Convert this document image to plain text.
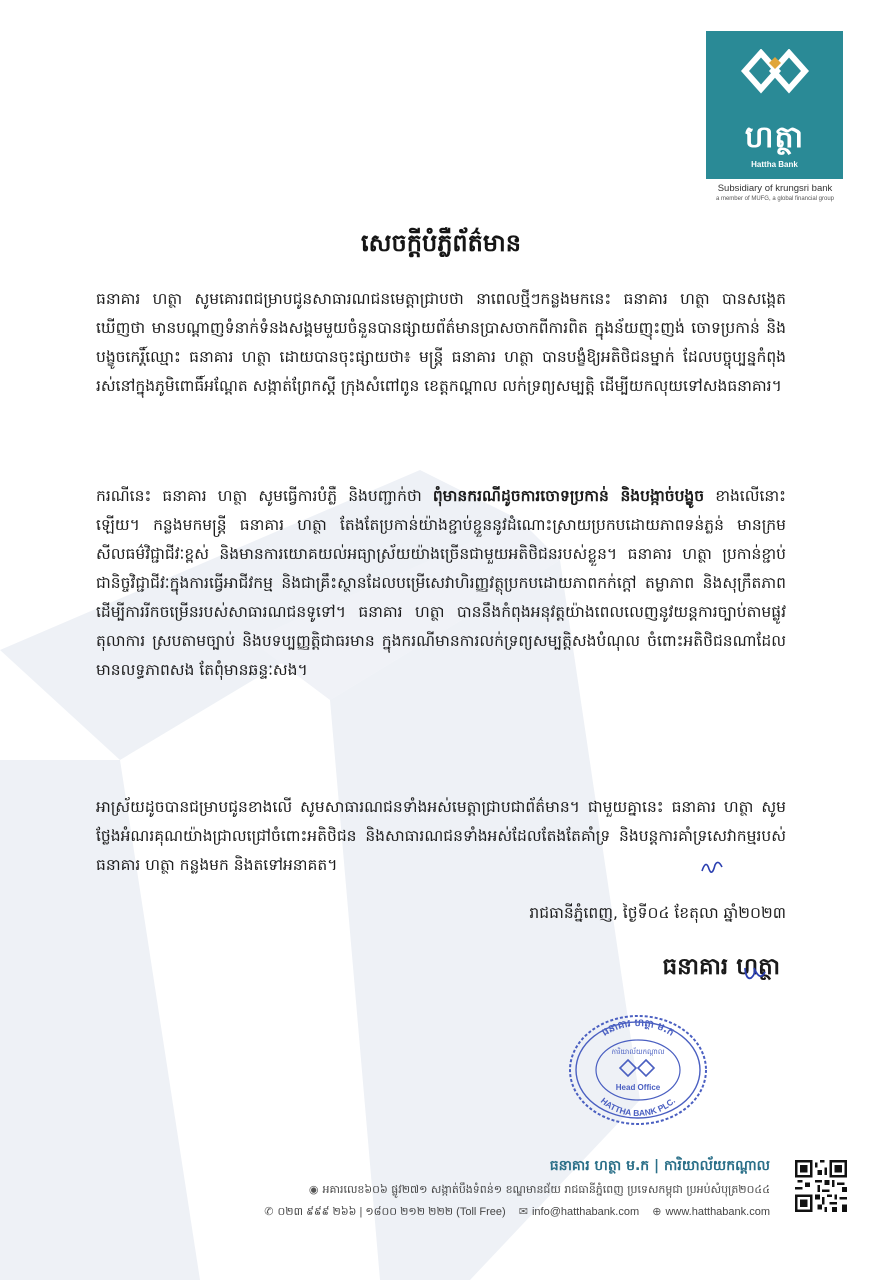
ហត្ថា
Hattha Bank
Subsidiary of krungsri bank
a member of MUFG, a global financial group
សេចក្តីបំភ្លឺព័ត៌មាន
ធនាគារ ហត្ថា សូមគោរពជម្រាបជូនសាធារណជនមេត្តាជ្រាបថា នាពេលថ្មីៗកន្លងមកនេះ ធនាគារ ហត្ថា បានសង្កេតឃើញថា មានបណ្តាញទំនាក់ទំនងសង្គមមួយចំនួនបានផ្សាយព័ត៌មានប្រាសចាកពីការពិត ក្នុងន័យញុះញង់ ចោទប្រកាន់ និងបង្ខូចកេរ្តិ៍ឈ្មោះ ធនាគារ ហត្ថា ដោយបានចុះផ្សាយថា៖ មន្ត្រី ធនាគារ ហត្ថា បានបង្ខំឱ្យអតិថិជនម្នាក់ ដែលបច្ចុប្បន្នកំពុងរស់នៅក្នុងភូមិពោធិ៍អណ្តែត សង្កាត់ព្រែកស្តី ក្រុងសំពៅពូន ខេត្តកណ្តាល លក់ទ្រព្យសម្បត្តិ ដើម្បីយកលុយទៅសងធនាគារ។
ករណីនេះ ធនាគារ ហត្ថា សូមធ្វើការបំភ្លឺ និងបញ្ជាក់ថា ពុំមានករណីដូចការចោទប្រកាន់ និងបង្កាច់បង្ខូច ខាងលើនោះឡើយ។ កន្លងមកមន្ត្រី ធនាគារ ហត្ថា តែងតែប្រកាន់យ៉ាងខ្ជាប់ខ្ជួននូវដំណោះស្រាយប្រកបដោយភាពទន់ភ្លន់ មានក្រមសីលធម៌វិជ្ជាជីវៈខ្ពស់ និងមានការយោគយល់អធ្យាស្រ័យយ៉ាងច្រើនជាមួយអតិថិជនរបស់ខ្លួន។ ធនាគារ ហត្ថា ប្រកាន់ខ្ជាប់ជានិច្ចវិជ្ជាជីវៈក្នុងការធ្វើអាជីវកម្ម និងជាគ្រឹះស្ថានដែលបម្រើសេវាហិរញ្ញវត្ថុប្រកបដោយភាពកក់ក្តៅ តម្លាភាព និងសុក្រឹតភាព ដើម្បីការរីកចម្រើនរបស់សាធារណជនទូទៅ។ ធនាគារ ហត្ថា បាននឹងកំពុងអនុវត្តយ៉ាងពេលលេញនូវយន្តការច្បាប់តាមផ្លូវតុលាការ ស្របតាមច្បាប់ និងបទប្បញ្ញត្តិជាធរមាន ក្នុងករណីមានការលក់ទ្រព្យសម្បត្តិសងបំណុល ចំពោះអតិថិជនណាដែលមានលទ្ធភាពសង តែពុំមានឆន្ទៈសង។
អាស្រ័យដូចបានជម្រាបជូនខាងលើ សូមសាធារណជនទាំងអស់មេត្តាជ្រាបជាព័ត៌មាន។ ជាមួយគ្នានេះ ធនាគារ ហត្ថា សូមថ្លែងអំណរគុណយ៉ាងជ្រាលជ្រៅចំពោះអតិថិជន និងសាធារណជនទាំងអស់ដែលតែងតែគាំទ្រ និងបន្តការគាំទ្រសេវាកម្មរបស់ ធនាគារ ហត្ថា កន្លងមក និងតទៅអនាគត។
រាជធានីភ្នំពេញ, ថ្ងៃទី០៤ ខែតុលា ឆ្នាំ២០២៣
ធនាគារ ហត្ថា
ធនាគារ ហត្ថា ម.ក
ការិយាល័យកណ្តាល
Head Office
HATTHA BANK PLC.
ធនាគារ ហត្ថា ម.ក | ការិយាល័យកណ្តាល
◉ អគារលេខ៦០៦ ផ្លូវ២៧១ សង្កាត់បឹងទំពន់១ ខណ្ឌមានជ័យ រាជធានីភ្នំពេញ ប្រទេសកម្ពុជា ប្រអប់សំបុត្រ២០៤៤
✆ ០២៣ ៩៩៩ ២៦៦ | ១៨០០ ២១២ ២២២ (Toll Free) ✉ info@hatthabank.com ⊕ www.hatthabank.com
